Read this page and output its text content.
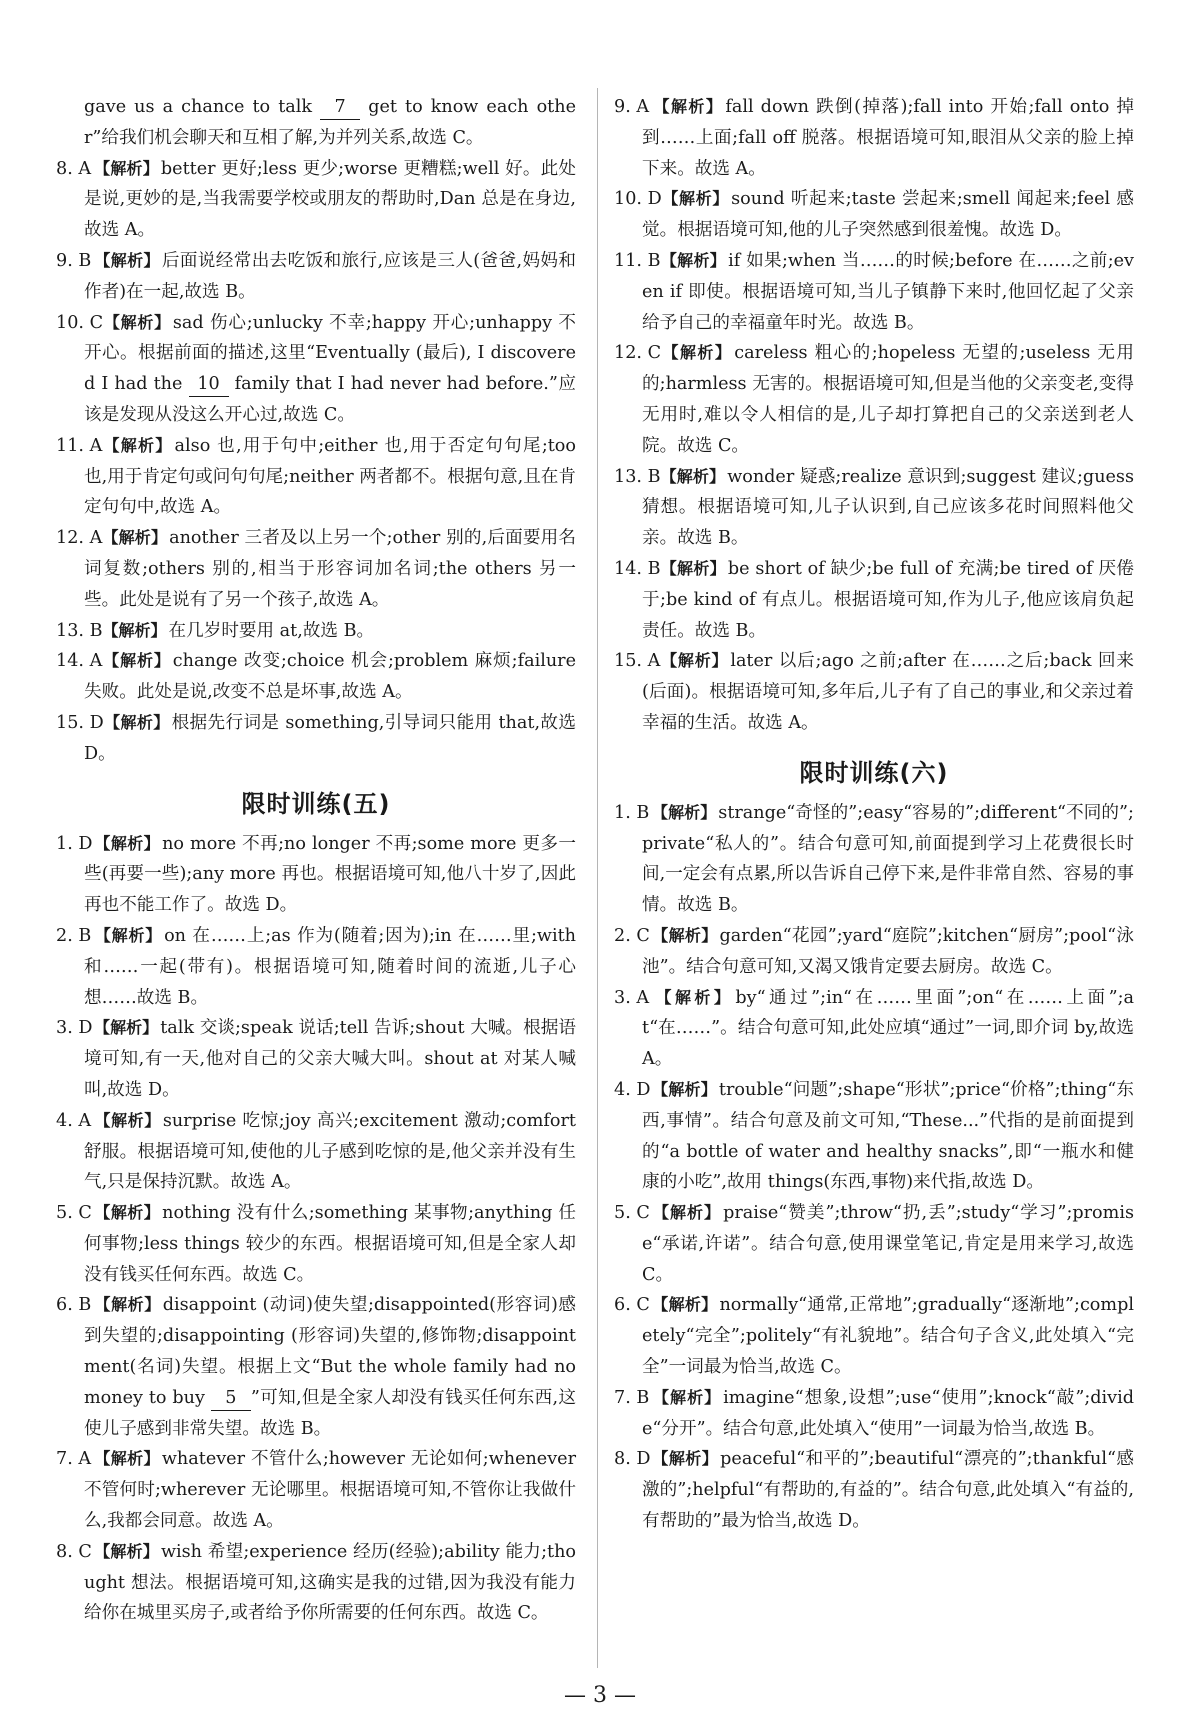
gave us a chance to talk 7 get to know each other”给我们机会聊天和互相了解,为并列关系,故选 C。

8. A 【解析】 better 更好;less 更少;worse 更糟糕;well 好。此处是说,更妙的是,当我需要学校或朋友的帮助时,Dan 总是在身边,故选 A。

9. B 【解析】 后面说经常出去吃饭和旅行,应该是三人(爸爸,妈妈和作者)在一起,故选 B。

10. C【解析】 sad 伤心;unlucky 不幸;happy 开心;unhappy 不开心。根据前面的描述,这里“Eventually (最后), I discovered I had the 10 family that I had never had before.”应该是发现从没这么开心过,故选 C。

11. A【解析】 also 也,用于句中;either 也,用于否定句句尾;too 也,用于肯定句或问句句尾;neither 两者都不。根据句意,且在肯定句句中,故选 A。

12. A【解析】 another 三者及以上另一个;other 别的,后面要用名词复数;others 别的,相当于形容词加名词;the others 另一些。此处是说有了另一个孩子,故选 A。

13. B【解析】 在几岁时要用 at,故选 B。

14. A【解析】 change 改变;choice 机会;problem 麻烦;failure 失败。此处是说,改变不总是坏事,故选 A。

15. D【解析】 根据先行词是 something,引导词只能用 that,故选 D。

限时训练(五)

1. D【解析】 no more 不再;no longer 不再;some more 更多一些(再要一些);any more 再也。根据语境可知,他八十岁了,因此再也不能工作了。故选 D。

2. B 【解析】 on 在……上;as 作为(随着;因为);in 在……里;with 和……一起(带有)。根据语境可知,随着时间的流逝,儿子心想……故选 B。

3. D【解析】 talk 交谈;speak 说话;tell 告诉;shout 大喊。根据语境可知,有一天,他对自己的父亲大喊大叫。shout at 对某人喊叫,故选 D。

4. A 【解析】 surprise 吃惊;joy 高兴;excitement 激动;comfort 舒服。根据语境可知,使他的儿子感到吃惊的是,他父亲并没有生气,只是保持沉默。故选 A。

5. C 【解析】 nothing 没有什么;something 某事物;anything 任何事物;less things 较少的东西。根据语境可知,但是全家人却没有钱买任何东西。故选 C。

6. B 【解析】 disappoint (动词)使失望;disappointed(形容词)感到失望的;disappointing (形容词)失望的,修饰物;disappointment(名词)失望。根据上文“But the whole family had no money to buy 5 ”可知,但是全家人却没有钱买任何东西,这使儿子感到非常失望。故选 B。

7. A 【解析】 whatever 不管什么;however 无论如何;whenever 不管何时;wherever 无论哪里。根据语境可知,不管你让我做什么,我都会同意。故选 A。

8. C 【解析】 wish 希望;experience 经历(经验);ability 能力;thought 想法。根据语境可知,这确实是我的过错,因为我没有能力给你在城里买房子,或者给予你所需要的任何东西。故选 C。

9. A 【解析】 fall down 跌倒(掉落);fall into 开始;fall onto 掉到……上面;fall off 脱落。根据语境可知,眼泪从父亲的脸上掉下来。故选 A。

10. D【解析】 sound 听起来;taste 尝起来;smell 闻起来;feel 感觉。根据语境可知,他的儿子突然感到很羞愧。故选 D。

11. B【解析】 if 如果;when 当……的时候;before 在……之前;even if 即使。根据语境可知,当儿子镇静下来时,他回忆起了父亲给予自己的幸福童年时光。故选 B。

12. C【解析】 careless 粗心的;hopeless 无望的;useless 无用的;harmless 无害的。根据语境可知,但是当他的父亲变老,变得无用时,难以令人相信的是,儿子却打算把自己的父亲送到老人院。故选 C。

13. B【解析】 wonder 疑惑;realize 意识到;suggest 建议;guess 猜想。根据语境可知,儿子认识到,自己应该多花时间照料他父亲。故选 B。

14. B【解析】 be short of 缺少;be full of 充满;be tired of 厌倦于;be kind of 有点儿。根据语境可知,作为儿子,他应该肩负起责任。故选 B。

15. A【解析】 later 以后;ago 之前;after 在……之后;back 回来(后面)。根据语境可知,多年后,儿子有了自己的事业,和父亲过着幸福的生活。故选 A。

限时训练(六)

1. B 【解析】 strange“奇怪的”;easy“容易的”;different“不同的”;private“私人的”。结合句意可知,前面提到学习上花费很长时间,一定会有点累,所以告诉自己停下来,是件非常自然、容易的事情。故选 B。

2. C 【解析】 garden“花园”;yard“庭院”;kitchen“厨房”;pool“泳池”。结合句意可知,又渴又饿肯定要去厨房。故选 C。

3. A 【解析】 by“通过”;in“在……里面”;on“在……上面”;at“在……”。结合句意可知,此处应填“通过”一词,即介词 by,故选 A。

4. D【解析】 trouble“问题”;shape“形状”;price“价格”;thing“东西,事情”。结合句意及前文可知,“These...”代指的是前面提到的“a bottle of water and healthy snacks”,即“一瓶水和健康的小吃”,故用 things(东西,事物)来代指,故选 D。

5. C 【解析】 praise“赞美”;throw“扔,丢”;study“学习”;promise“承诺,许诺”。结合句意,使用课堂笔记,肯定是用来学习,故选 C。

6. C 【解析】 normally“通常,正常地”;gradually“逐渐地”;completely“完全”;politely“有礼貌地”。结合句子含义,此处填入“完全”一词最为恰当,故选 C。

7. B 【解析】 imagine“想象,设想”;use“使用”;knock“敲”;divide“分开”。结合句意,此处填入“使用”一词最为恰当,故选 B。

8. D【解析】 peaceful“和平的”;beautiful“漂亮的”;thankful“感激的”;helpful“有帮助的,有益的”。结合句意,此处填入“有益的,有帮助的”最为恰当,故选 D。

— 3 —
